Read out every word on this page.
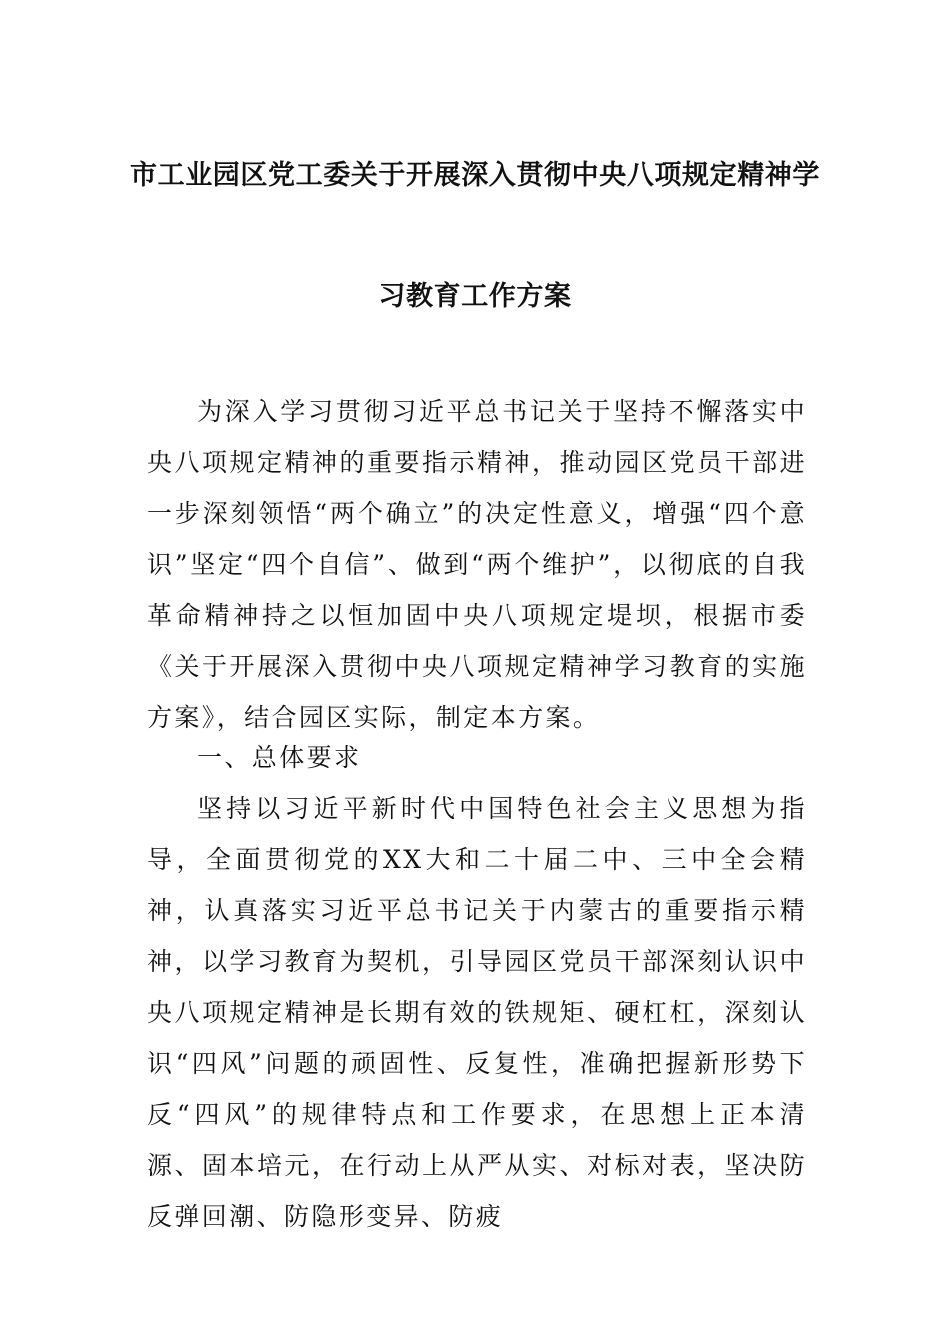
市工业园区党工委关于开展深入贯彻中央八项规定精神学
习教育工作方案

为深入学习贯彻习近平总书记关于坚持不懈落实中央八项规定精神的重要指示精神，推动园区党员干部进一步深刻领悟“两个确立”的决定性意义，增强“四个意识”坚定“四个自信”、做到“两个维护”，以彻底的自我革命精神持之以恒加固中央八项规定堤坝，根据市委《关于开展深入贯彻中央八项规定精神学习教育的实施方案》，结合园区实际，制定本方案。

一、总体要求

坚持以习近平新时代中国特色社会主义思想为指导，全面贯彻党的XX大和二十届二中、三中全会精神，认真落实习近平总书记关于内蒙古的重要指示精神，以学习教育为契机，引导园区党员干部深刻认识中央八项规定精神是长期有效的铁规矩、硬杠杠，深刻认识“四风”问题的顽固性、反复性，准确把握新形势下反“四风”的规律特点和工作要求，在思想上正本清源、固本培元，在行动上从严从实、对标对表，坚决防反弹回潮、防隐形变异、防疲
